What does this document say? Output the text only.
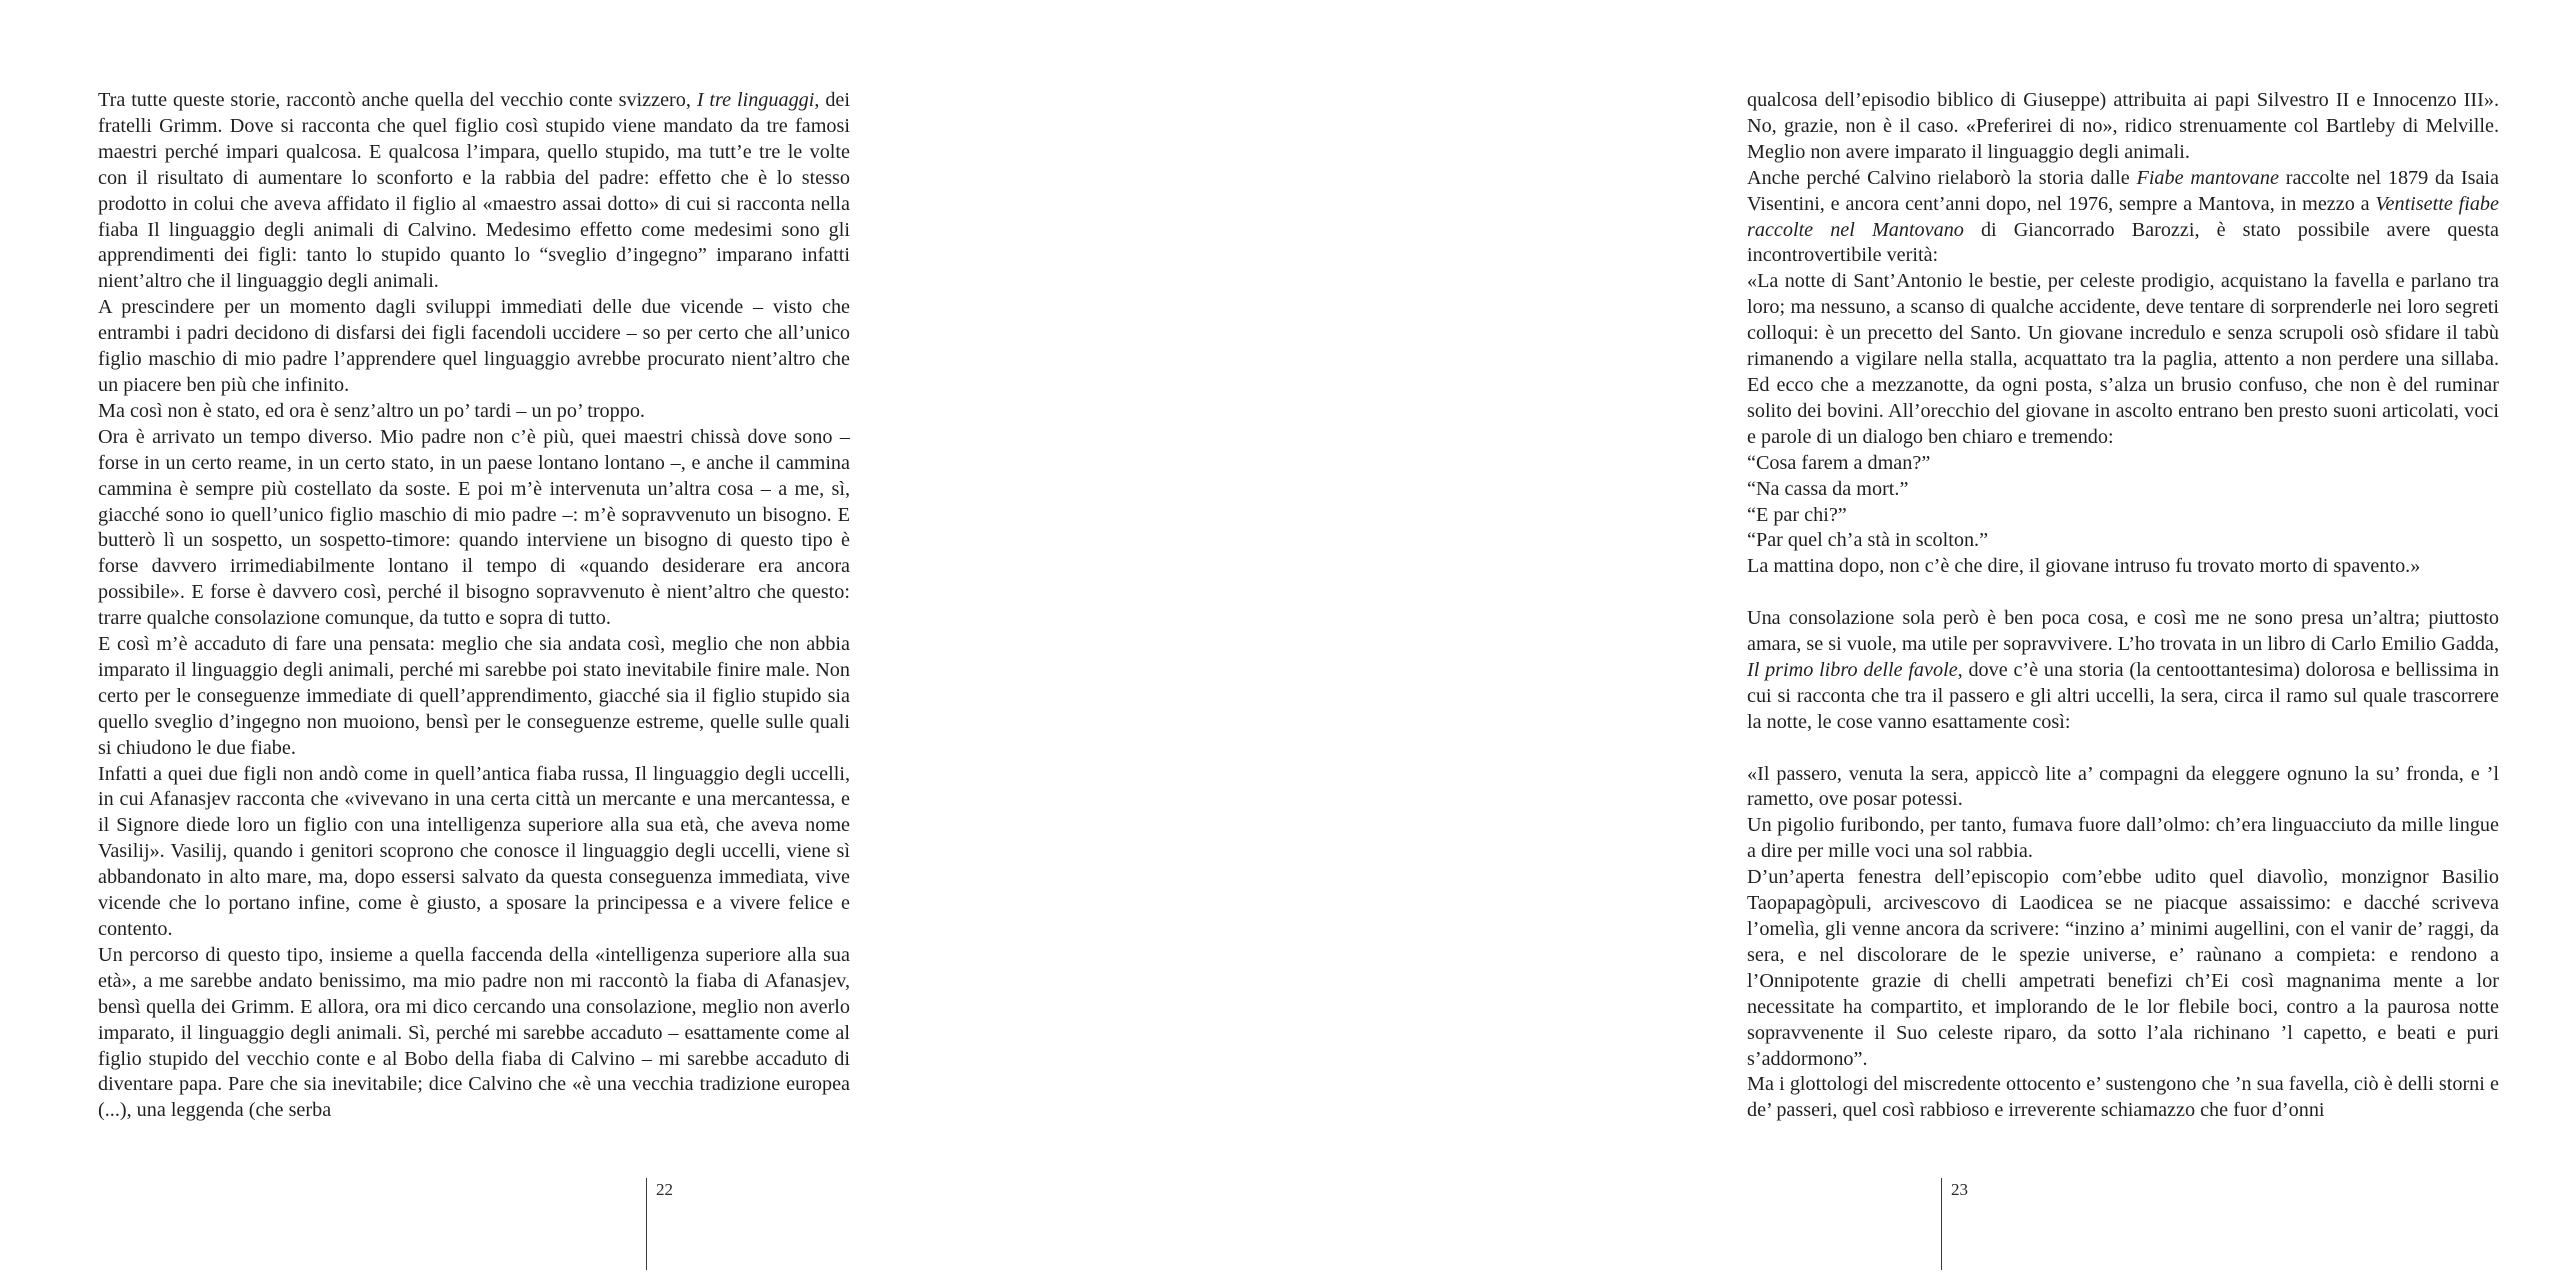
Tra tutte queste storie, raccontò anche quella del vecchio conte svizzero, I tre linguaggi, dei fratelli Grimm. Dove si racconta che quel figlio così stupido viene mandato da tre famosi maestri perché impari qualcosa. E qualcosa l’impara, quello stupido, ma tutt’e tre le volte con il risultato di aumentare lo sconforto e la rabbia del padre: effetto che è lo stesso prodotto in colui che aveva affidato il figlio al «maestro assai dotto» di cui si racconta nella fiaba Il linguaggio degli animali di Calvino. Medesimo effetto come medesimi sono gli apprendimenti dei figli: tanto lo stupido quanto lo “sveglio d’ingegno” imparano infatti nient’altro che il linguaggio degli animali.

A prescindere per un momento dagli sviluppi immediati delle due vicende – visto che entrambi i padri decidono di disfarsi dei figli facendoli uccidere – so per certo che all’unico figlio maschio di mio padre l’apprendere quel linguaggio avrebbe procurato nient’altro che un piacere ben più che infinito.

Ma così non è stato, ed ora è senz’altro un po’ tardi – un po’ troppo.

Ora è arrivato un tempo diverso. Mio padre non c’è più, quei maestri chissà dove sono – forse in un certo reame, in un certo stato, in un paese lontano lontano –, e anche il cammina cammina è sempre più costellato da soste. E poi m’è intervenuta un’altra cosa – a me, sì, giacché sono io quell’unico figlio maschio di mio padre –: m’è sopravvenuto un bisogno. E butterò lì un sospetto, un sospetto-timore: quando interviene un bisogno di questo tipo è forse davvero irrimediabilmente lontano il tempo di «quando desiderare era ancora possibile». E forse è davvero così, perché il bisogno sopravvenuto è nient’altro che questo: trarre qualche consolazione comunque, da tutto e sopra di tutto.

E così m’è accaduto di fare una pensata: meglio che sia andata così, meglio che non abbia imparato il linguaggio degli animali, perché mi sarebbe poi stato inevitabile finire male. Non certo per le conseguenze immediate di quell’apprendimento, giacché sia il figlio stupido sia quello sveglio d’ingegno non muoiono, bensì per le conseguenze estreme, quelle sulle quali si chiudono le due fiabe.

Infatti a quei due figli non andò come in quell’antica fiaba russa, Il linguaggio degli uccelli, in cui Afanasjev racconta che «vivevano in una certa città un mercante e una mercantessa, e il Signore diede loro un figlio con una intelligenza superiore alla sua età, che aveva nome Vasilij». Vasilij, quando i genitori scoprono che conosce il linguaggio degli uccelli, viene sì abbandonato in alto mare, ma, dopo essersi salvato da questa conseguenza immediata, vive vicende che lo portano infine, come è giusto, a sposare la principessa e a vivere felice e contento.

Un percorso di questo tipo, insieme a quella faccenda della «intelligenza superiore alla sua età», a me sarebbe andato benissimo, ma mio padre non mi raccontò la fiaba di Afanasjev, bensì quella dei Grimm. E allora, ora mi dico cercando una consolazione, meglio non averlo imparato, il linguaggio degli animali. Sì, perché mi sarebbe accaduto – esattamente come al figlio stupido del vecchio conte e al Bobo della fiaba di Calvino – mi sarebbe accaduto di diventare papa. Pare che sia inevitabile; dice Calvino che «è una vecchia tradizione europea (...), una leggenda (che serba

22

qualcosa dell’episodio biblico di Giuseppe) attribuita ai papi Silvestro II e Innocenzo III». No, grazie, non è il caso. «Preferirei di no», ridico strenuamente col Bartleby di Melville. Meglio non avere imparato il linguaggio degli animali.

Anche perché Calvino rielaborò la storia dalle Fiabe mantovane raccolte nel 1879 da Isaia Visentini, e ancora cent’anni dopo, nel 1976, sempre a Mantova, in mezzo a Ventisette fiabe raccolte nel Mantovano di Giancorrado Barozzi, è stato possibile avere questa incontrovertibile verità:

«La notte di Sant’Antonio le bestie, per celeste prodigio, acquistano la favella e parlano tra loro; ma nessuno, a scanso di qualche accidente, deve tentare di sorprenderle nei loro segreti colloqui: è un precetto del Santo. Un giovane incredulo e senza scrupoli osò sfidare il tabù rimanendo a vigilare nella stalla, acquattato tra la paglia, attento a non perdere una sillaba. Ed ecco che a mezzanotte, da ogni posta, s’alza un brusio confuso, che non è del ruminar solito dei bovini. All’orecchio del giovane in ascolto entrano ben presto suoni articolati, voci e parole di un dialogo ben chiaro e tremendo:

“Cosa farem a dman?”

“Na cassa da mort.”

“E par chi?”

“Par quel ch’a stà in scolton.”

La mattina dopo, non c’è che dire, il giovane intruso fu trovato morto di spavento.»

Una consolazione sola però è ben poca cosa, e così me ne sono presa un’altra; piuttosto amara, se si vuole, ma utile per sopravvivere. L’ho trovata in un libro di Carlo Emilio Gadda, Il primo libro delle favole, dove c’è una storia (la centoottantesima) dolorosa e bellissima in cui si racconta che tra il passero e gli altri uccelli, la sera, circa il ramo sul quale trascorrere la notte, le cose vanno esattamente così:

«Il passero, venuta la sera, appiccò lite a’ compagni da eleggere ognuno la su’ fronda, e ’l rametto, ove posar potessi.

Un pigolio furibondo, per tanto, fumava fuore dall’olmo: ch’era linguacciuto da mille lingue a dire per mille voci una sol rabbia.

D’un’aperta fenestra dell’episcopio com’ebbe udito quel diavolìo, monzignor Basilio Taopapagòpuli, arcivescovo di Laodicea se ne piacque assaissimo: e dacché scriveva l’omelìa, gli venne ancora da scrivere: “inzino a’ minimi augellini, con el vanir de’ raggi, da sera, e nel discolorare de le spezie universe, e’ raùnano a compieta: e rendono a l’Onnipotente grazie di chelli ampetrati benefizi ch’Ei così magnanima mente a lor necessitate ha compartito, et implorando de le lor flebile boci, contro a la paurosa notte sopravvenente il Suo celeste riparo, da sotto l’ala richinano ’l capetto, e beati e puri s’addormono”.

Ma i glottologi del miscredente ottocento e’ sustengono che ’n sua favella, ciò è delli storni e de’ passeri, quel così rabbioso e irreverente schiamazzo che fuor d’onni

23
